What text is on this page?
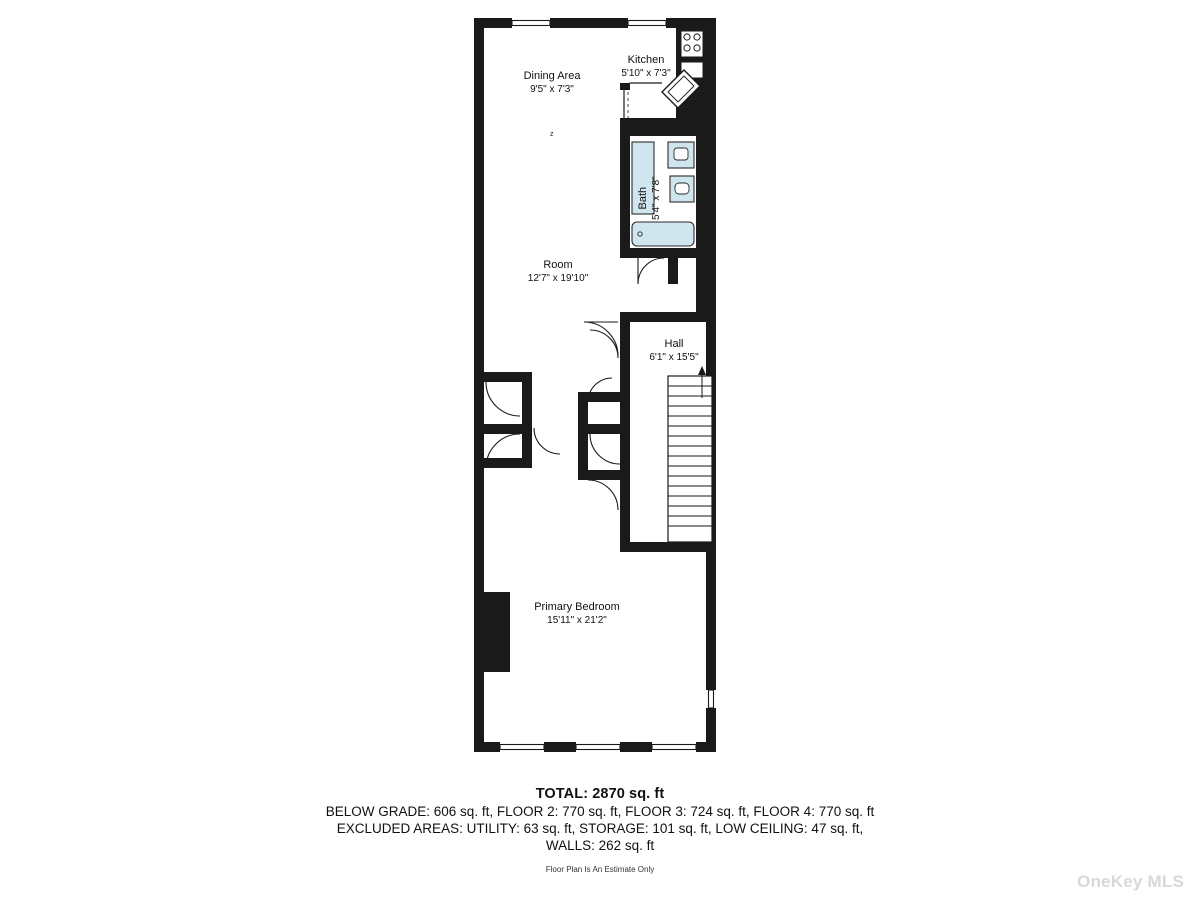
z
Dining Area
9'5" x 7'3"
Kitchen
5'10" x 7'3"
Bath 5'4" x 7'8"
Room
12'7" x 19'10"
Hall
6'1" x 15'5"
Primary Bedroom
15'11" x 21'2"
TOTAL: 2870 sq. ft
BELOW GRADE: 606 sq. ft, FLOOR 2: 770 sq. ft, FLOOR 3: 724 sq. ft, FLOOR 4: 770 sq. ft
EXCLUDED AREAS: UTILITY: 63 sq. ft, STORAGE: 101 sq. ft, LOW CEILING: 47 sq. ft,
WALLS: 262 sq. ft
Floor Plan Is An Estimate Only
OneKey MLS
